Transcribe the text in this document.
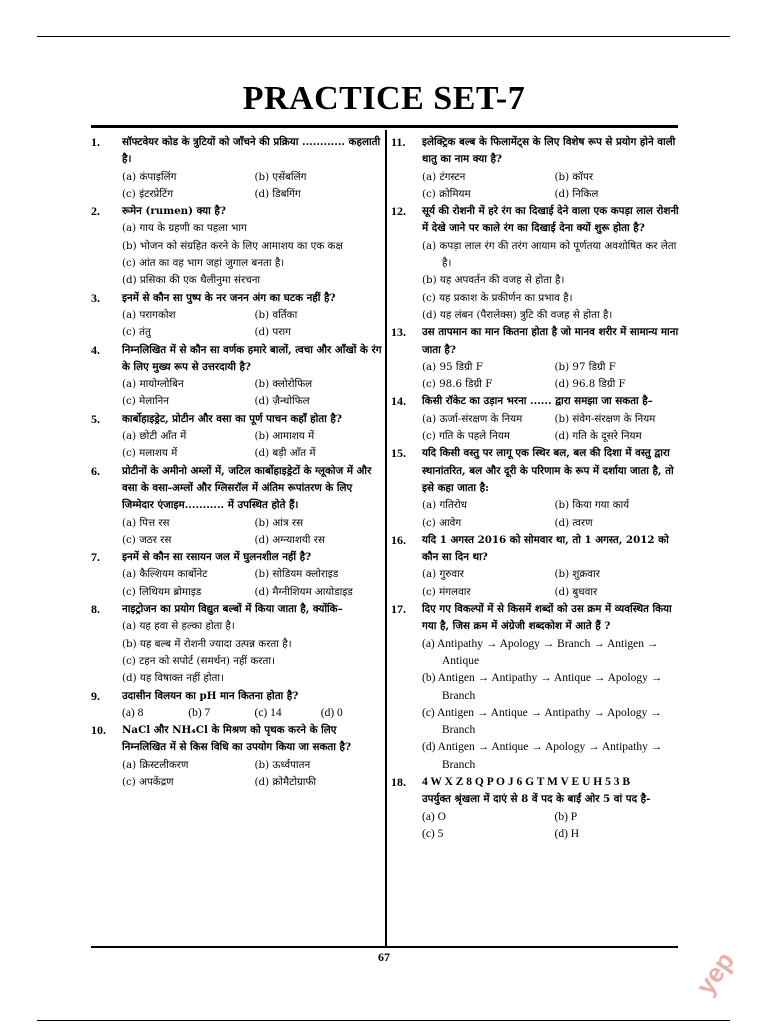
PRACTICE SET-7
1.	सॉफ्टवेयर कोड के त्रुटियों को जाँचने की प्रक्रिया ............ कहलाती है।
(a) कंपाइलिंग	(b) एसेंबलिंग
(c) इंटरप्रेटिंग	(d) डिबगिंग
2.	रूमेन (rumen) क्या है?
(a) गाय के ग्रहणी का पहला भाग
(b) भोजन को संग्रहित करने के लिए आमाशय का एक कक्ष
(c) आंत का वह भाग जहां जुगाल बनता है।
(d) प्रसिका की एक थैलीनुमा संरचना
3.	इनमें से कौन सा पुष्प के नर जनन अंग का घटक नहीं है?
(a) परागकोश	(b) वर्तिका
(c) तंतु	(d) पराग
4.	निम्नलिखित में से कौन सा वर्णक हमारे बालों, त्वचा और आँखों के रंग के लिए मुख्य रूप से उत्तरदायी है?
(a) मायोग्लोबिन	(b) क्लोरोफिल
(c) मेलानिन	(d) ज़ैन्थोफिल
5.	कार्बोहाइड्रेट, प्रोटीन और वसा का पूर्ण पाचन कहाँ होता है?
(a) छोटी आँत में	(b) आमाशय में
(c) मलाशय में	(d) बड़ी आँत में
6.	प्रोटीनों के अमीनो अम्लों में, जटिल कार्बोहाइड्रेटों के ग्लूकोज में और वसा के वसा-अम्लों और ग्लिसरॉल में अंतिम रूपांतरण के लिए जिम्मेदार एंजाइम........... में उपस्थित होते हैं।
(a) पित्त रस	(b) आंत्र रस
(c) जठर रस	(d) अग्न्याशयी रस
7.	इनमें से कौन सा रसायन जल में घुलनशील नहीं है?
(a) कैल्शियम कार्बोनेट	(b) सोडियम क्लोराइड
(c) लिथियम ब्रोमाइड	(d) मैग्नीशियम आयोडाइड
8.	नाइट्रोजन का प्रयोग विद्युत बल्बों में किया जाता है, क्योंकि–
(a) यह हवा से हल्का होता है।
(b) यह बल्ब में रोशनी ज्यादा उत्पन्न करता है।
(c) टहन को सपोर्ट (समर्थन) नहीं करता।
(d) यह विषाक्त नहीं होता।
9.	उदासीन विलयन का pH मान कितना होता है?
(a) 8	(b) 7	(c) 14	(d) 0
10.	NaCl और NH₄Cl के मिश्रण को पृथक करने के लिए निम्नलिखित में से किस विधि का उपयोग किया जा सकता है?
(a) क्रिस्टलीकरण	(b) ऊर्ध्वपातन
(c) अपकेंद्रण	(d) क्रोमैटोग्राफी
11.	इलेक्ट्रिक बल्ब के फिलामेंट्स के लिए विशेष रूप से प्रयोग होने वाली धातु का नाम क्या है?
(a) टंगस्टन	(b) कॉपर
(c) क्रोमियम	(d) निकिल
12.	सूर्य की रोशनी में हरे रंग का दिखाई देने वाला एक कपड़ा लाल रोशनी में देखे जाने पर काले रंग का दिखाई देना क्यों शुरू होता है?
(a) कपड़ा लाल रंग की तरंग आयाम को पूर्णतया अवशोषित कर लेता है।
(b) यह अपवर्तन की वजह से होता है।
(c) यह प्रकाश के प्रकीर्णन का प्रभाव है।
(d) यह लंबन (पैरालेक्स) त्रुटि की वजह से होता है।
13.	उस तापमान का मान कितना होता है जो मानव शरीर में सामान्य माना जाता है?
(a) 95 डिग्री F	(b) 97 डिग्री F
(c) 98.6 डिग्री F	(d) 96.8 डिग्री F
14.	किसी रॉकेट का उड़ान भरना ...... द्वारा समझा जा सकता है–
(a) ऊर्जा-संरक्षण के नियम	(b) संवेग-संरक्षण के नियम
(c) गति के पहले नियम	(d) गति के दूसरे नियम
15.	यदि किसी वस्तु पर लागू एक स्थिर बल, बल की दिशा में वस्तु द्वारा स्थानांतरित, बल और दूरी के परिणाम के रूप में दर्शाया जाता है, तो इसे कहा जाता है:
(a) गतिरोध	(b) किया गया कार्य
(c) आवेग	(d) त्वरण
16.	यदि 1 अगस्त 2016 को सोमवार था, तो 1 अगस्त, 2012 को कौन सा दिन था?
(a) गुरुवार	(b) शुक्रवार
(c) मंगलवार	(d) बुधवार
17.	दिए गए विकल्पों में से किसमें शब्दों को उस क्रम में व्यवस्थित किया गया है, जिस क्रम में अंग्रेजी शब्दकोश में आते हैं ?
(a) Antipathy → Apology → Branch → Antigen → Antique
(b) Antigen → Antipathy → Antique → Apology → Branch
(c) Antigen → Antique → Antipathy → Apology → Branch
(d) Antigen → Antique → Apology → Antipathy → Branch
18.	4 W X Z 8 Q P O J 6 G T M V E U H 5 3 B
उपर्युक्त श्रृंखला में दाएं से 8 वें पद के बाईं ओर 5 वां पद है-
(a) O	(b) P
(c) 5	(d) H
67	yep
